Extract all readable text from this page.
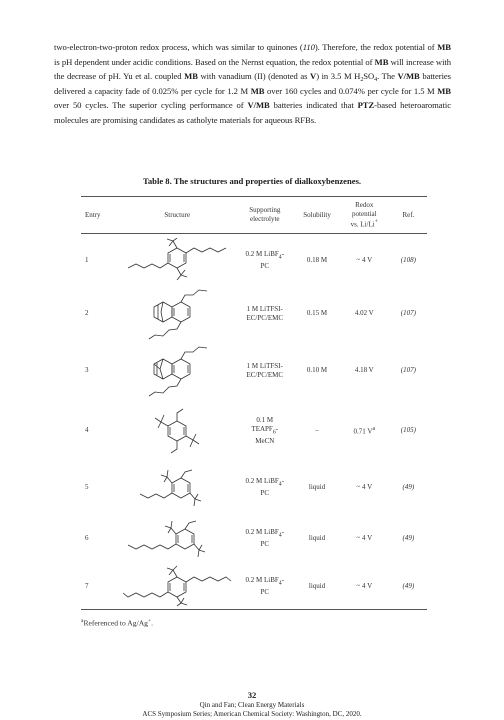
two-electron-two-proton redox process, which was similar to quinones (110). Therefore, the redox potential of MB is pH dependent under acidic conditions. Based on the Nernst equation, the redox potential of MB will increase with the decrease of pH. Yu et al. coupled MB with vanadium (II) (denoted as V) in 3.5 M $H_2SO_4$. The V/MB batteries delivered a capacity fade of 0.025% per cycle for 1.2 M MB over 160 cycles and 0.074% per cycle for 1.5 M MB over 50 cycles. The superior cycling performance of V/MB batteries indicated that PTZ-based heteroaromatic molecules are promising candidates as catholyte materials for aqueous RFBs.
Table 8. The structures and properties of dialkoxybenzenes.
Entry	Structure	Supporting
electrolyte	Solubility	Redox
potential
vs. Li/Li+	Ref.
1		0.2 M LiBF$_4$-
PC	0.18 M	~ 4 V	(108)
2		1 M LiTFSI-
EC/PC/EMC	0.15 M	4.02 V	(107)
3		1 M LiTFSI-
EC/PC/EMC	0.10 M	4.18 V	(107)
4		0.1 M
$TEAPF_6-$
MeCN	–	0.71 $V^a$	(105)
5		0.2 M LiBF$_4$-
PC	liquid	~ 4 V	(49)
6		0.2 M LiBF$_4$-
PC	liquid	~ 4 V	(49)
7		0.2 M LiBF$_4$-
PC	liquid	~ 4 V	(49)
$^a$Referenced to Ag/Ag+.
32
Qin and Fan; Clean Energy Materials
ACS Symposium Series; American Chemical Society: Washington, DC, 2020.
